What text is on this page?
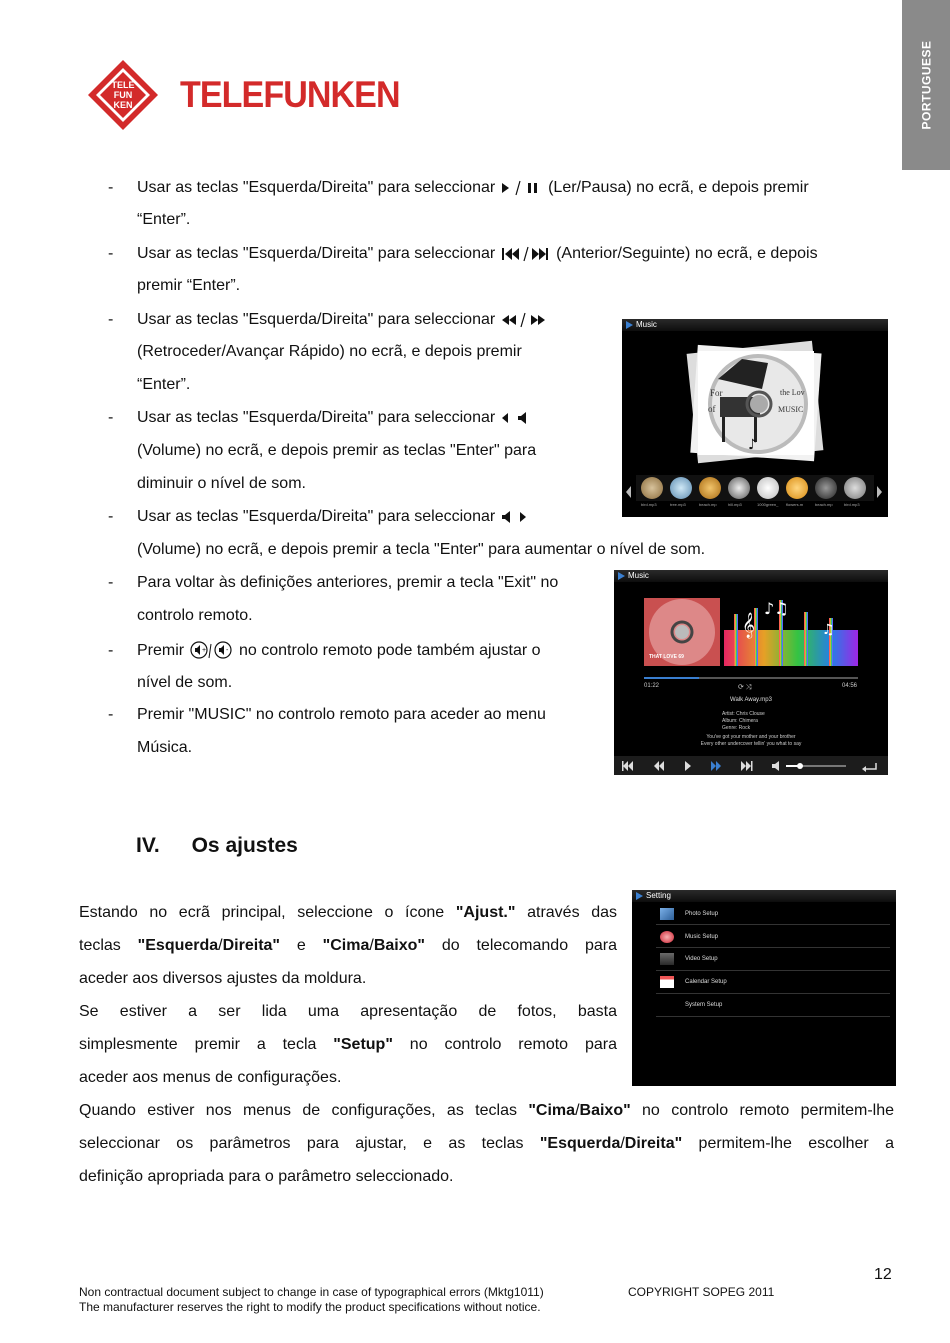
PORTUGUESE
TELE
FUN
KEN TELEFUNKEN
- Usar as teclas "Esquerda/Direita" para seleccionar	(Ler/Pausa) no ecrã, e depois premir
“Enter”.
- Usar as teclas "Esquerda/Direita" para seleccionar	(Anterior/Seguinte) no ecrã, e depois
premir “Enter”.
- Usar as teclas "Esquerda/Direita" para seleccionar
(Retroceder/Avançar Rápido) no ecrã, e depois premir
“Enter”.
- Usar as teclas "Esquerda/Direita" para seleccionar
(Volume) no ecrã, e depois premir as teclas "Enter" para
diminuir o nível de som.
- Usar as teclas "Esquerda/Direita" para seleccionar
(Volume) no ecrã, e depois premir a tecla "Enter" para aumentar o nível de som.
- Para voltar às definições anteriores, premir a tecla "Exit" no
controlo remoto.
- Premir +	- no controlo remoto pode também ajustar o
nível de som.
- Premir "MUSIC" no controlo remoto para aceder ao menu
Música.
Music
For
of
the Lov
MUSIC
♪
bird.mp3	tree.mp3	beach.mp	hill.mp3	1000green_ flowers.m	beach.mp	bird.mp3
Music
𝄞
♪♫
♫
THAT LOVE 69
01:22	04:56
⟳ ⤨
Walk Away.mp3
Artist: Chris Clouse
Album: Chimera
Genre: Rock
You've got your mother and your brother
Every other undercover tellin' you what to say
IV. Os ajustes
Setting
Photo Setup
Music Setup
Video Setup
Calendar Setup
System Setup
Estando no ecrã principal, seleccione o ícone "Ajust." através das
teclas "Esquerda/Direita" e "Cima/Baixo" do telecomando para
aceder aos diversos ajustes da moldura.
Se estiver a ser lida uma apresentação de fotos, basta
simplesmente premir a tecla "Setup" no controlo remoto para
aceder aos menus de configurações.
Quando estiver nos menus de configurações, as teclas "Cima/Baixo" no controlo remoto permitem-lhe
seleccionar os parâmetros para ajustar, e as teclas "Esquerda/Direita" permitem-lhe escolher a
definição apropriada para o parâmetro seleccionado.
12
Non contractual document subject to change in case of typographical errors (Mktg1011)	COPYRIGHT SOPEG 2011
The manufacturer reserves the right to modify the product specifications without notice.
